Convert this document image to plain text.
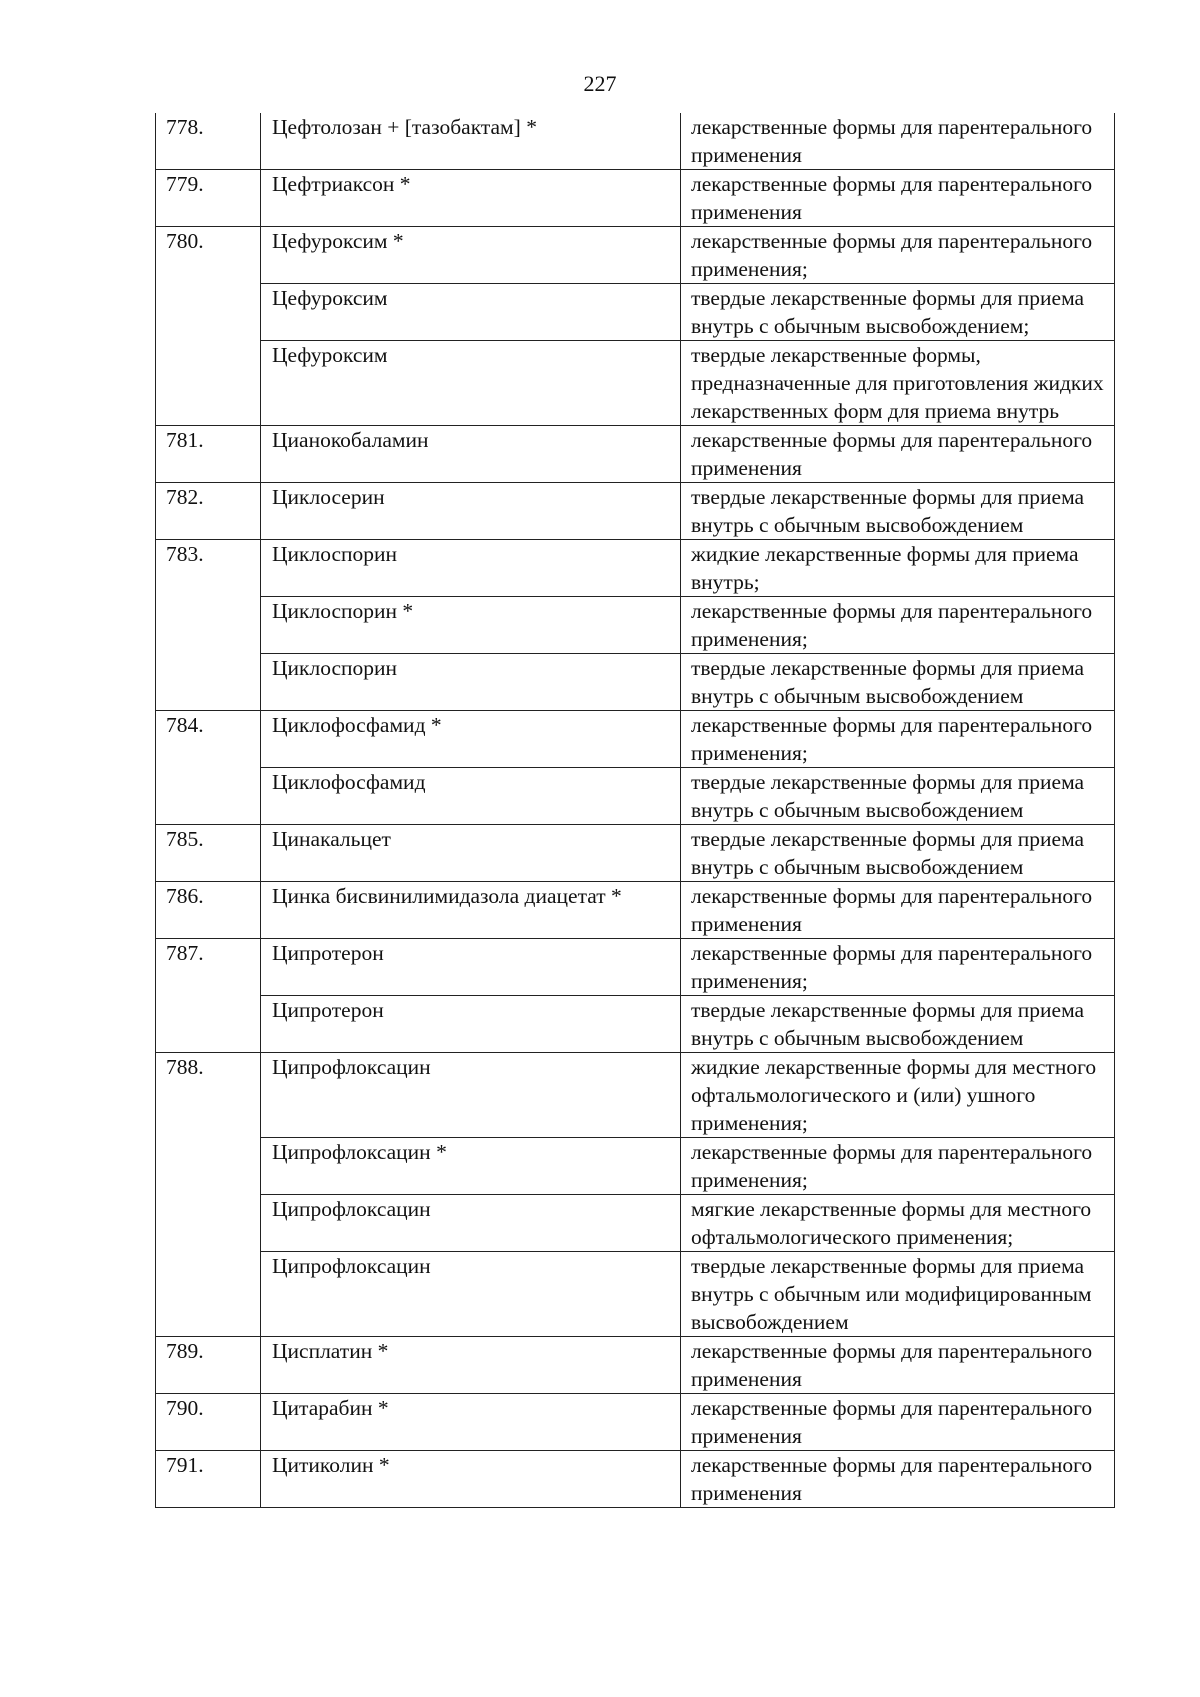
227
778.	Цефтолозан + [тазобактам] *	лекарственные формы для парентерального применения
779.	Цефтриаксон *	лекарственные формы для парентерального применения
780.	Цефуроксим *	лекарственные формы для парентерального применения;
	Цефуроксим	твердые лекарственные формы для приема внутрь с обычным высвобождением;
	Цефуроксим	твердые лекарственные формы, предназначенные для приготовления жидких лекарственных форм для приема внутрь
781.	Цианокобаламин	лекарственные формы для парентерального применения
782.	Циклосерин	твердые лекарственные формы для приема внутрь с обычным высвобождением
783.	Циклоспорин	жидкие лекарственные формы для приема внутрь;
	Циклоспорин *	лекарственные формы для парентерального применения;
	Циклоспорин	твердые лекарственные формы для приема внутрь с обычным высвобождением
784.	Циклофосфамид *	лекарственные формы для парентерального применения;
	Циклофосфамид	твердые лекарственные формы для приема внутрь с обычным высвобождением
785.	Цинакальцет	твердые лекарственные формы для приема внутрь с обычным высвобождением
786.	Цинка бисвинилимидазола диацетат *	лекарственные формы для парентерального применения
787.	Ципротерон	лекарственные формы для парентерального применения;
	Ципротерон	твердые лекарственные формы для приема внутрь с обычным высвобождением
788.	Ципрофлоксацин	жидкие лекарственные формы для местного офтальмологического и (или) ушного применения;
	Ципрофлоксацин *	лекарственные формы для парентерального применения;
	Ципрофлоксацин	мягкие лекарственные формы для местного офтальмологического применения;
	Ципрофлоксацин	твердые лекарственные формы для приема внутрь с обычным или модифицированным высвобождением
789.	Цисплатин *	лекарственные формы для парентерального применения
790.	Цитарабин *	лекарственные формы для парентерального применения
791.	Цитиколин *	лекарственные формы для парентерального применения
